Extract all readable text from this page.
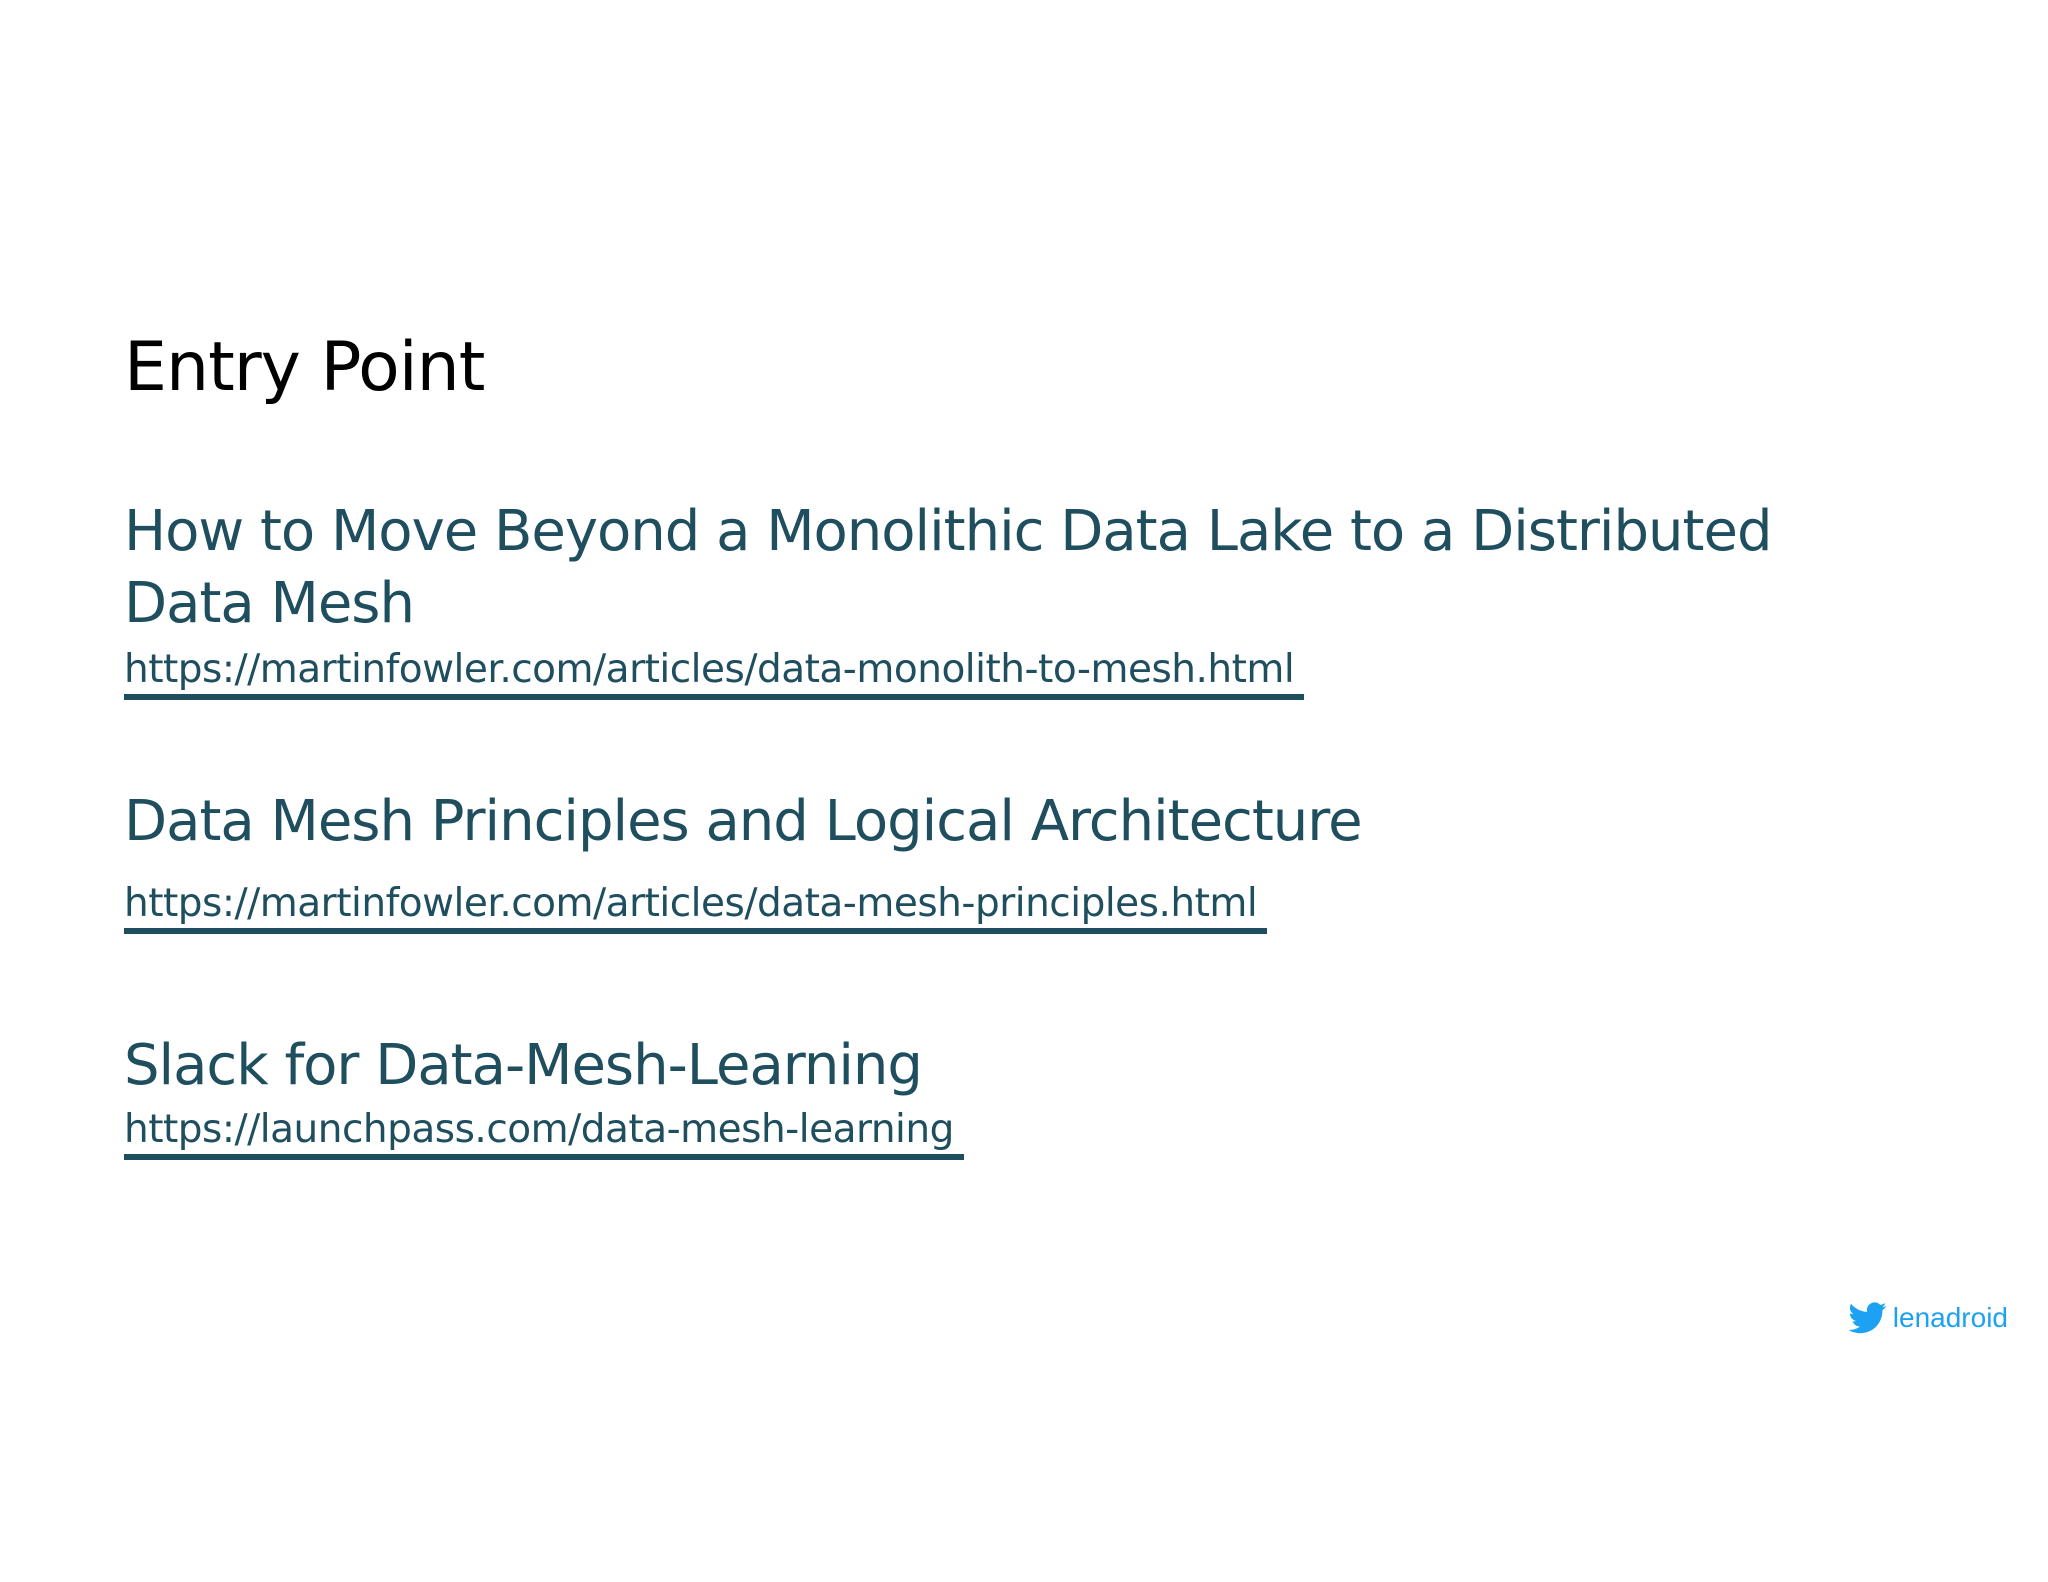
Entry Point
How to Move Beyond a Monolithic Data Lake to a Distributed Data Mesh
https://martinfowler.com/articles/data-monolith-to-mesh.html
Data Mesh Principles and Logical Architecture
https://martinfowler.com/articles/data-mesh-principles.html
Slack for Data-Mesh-Learning
https://launchpass.com/data-mesh-learning
lenadroid
